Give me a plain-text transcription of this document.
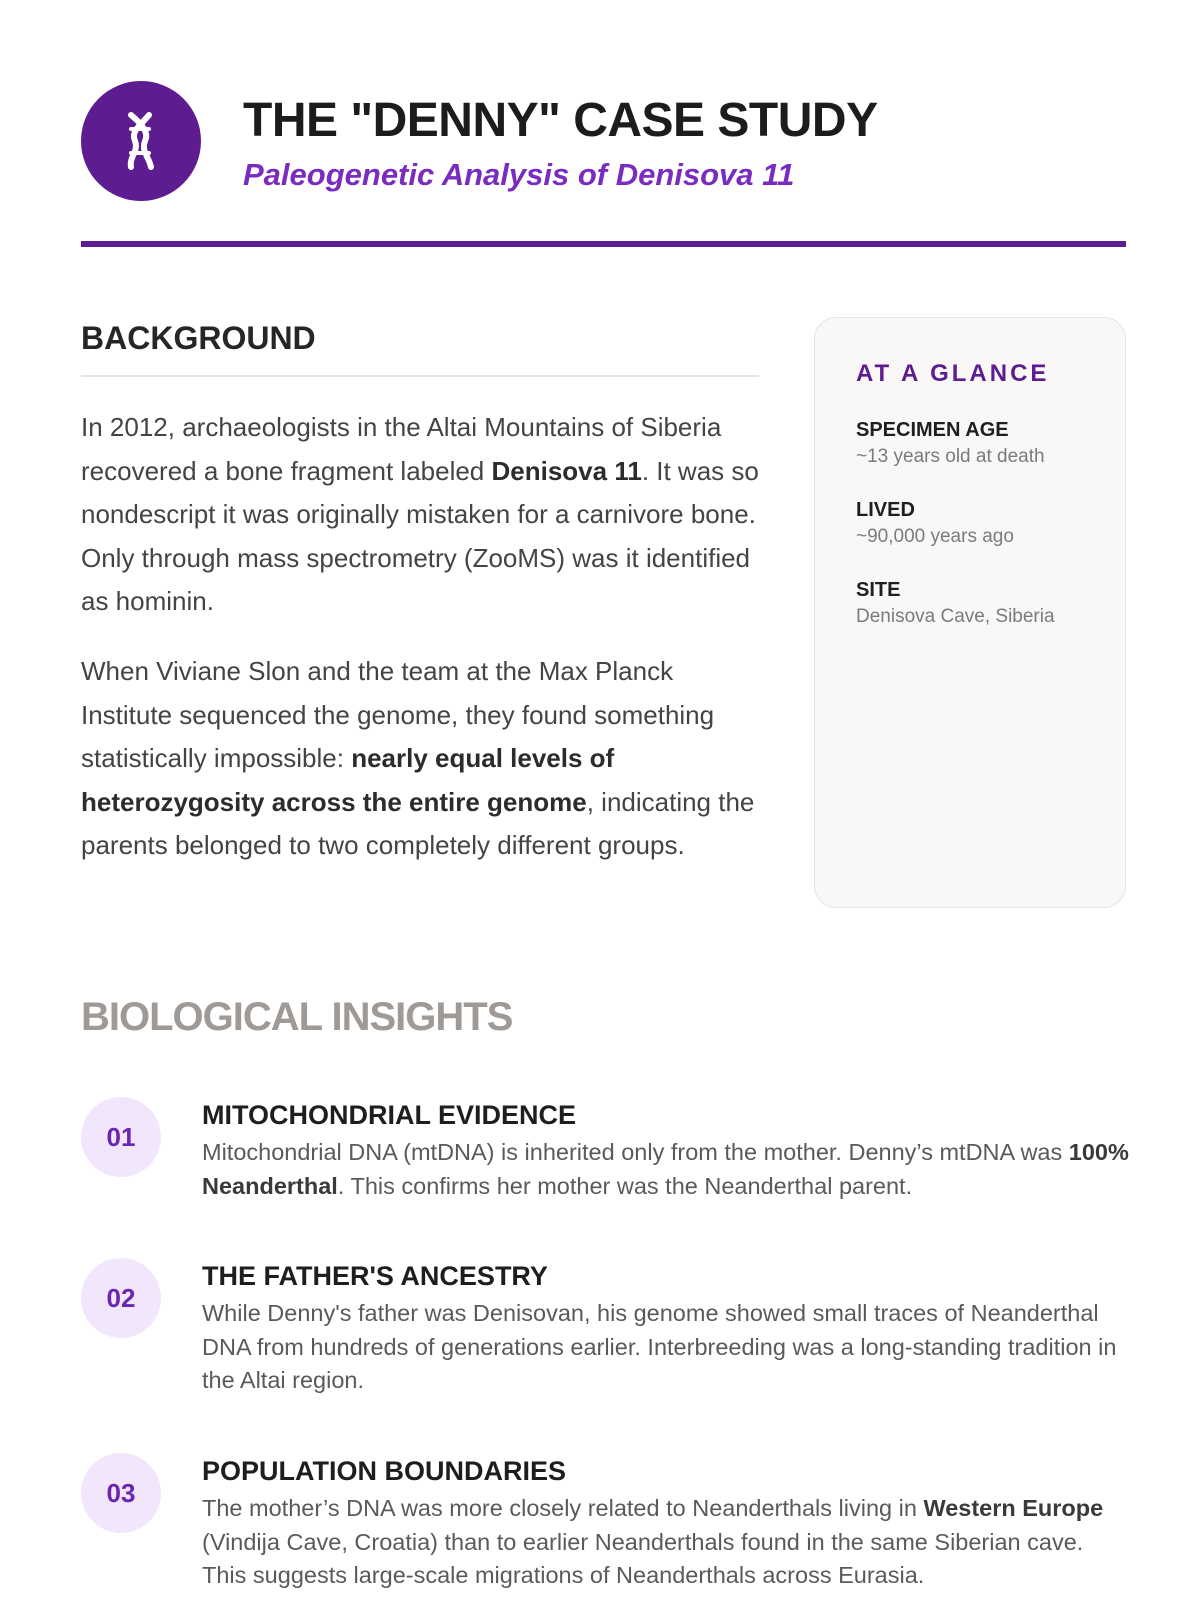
THE "DENNY" CASE STUDY
Paleogenetic Analysis of Denisova 11
BACKGROUND

In 2012, archaeologists in the Altai Mountains of Siberia recovered a bone fragment labeled Denisova 11. It was so nondescript it was originally mistaken for a carnivore bone. Only through mass spectrometry (ZooMS) was it identified as hominin.

When Viviane Slon and the team at the Max Planck Institute sequenced the genome, they found something statistically impossible: nearly equal levels of heterozygosity across the entire genome, indicating the parents belonged to two completely different groups.

AT A GLANCE
SPECIMEN AGE
~13 years old at death
LIVED
~90,000 years ago
SITE
Denisova Cave, Siberia
BIOLOGICAL INSIGHTS
01
MITOCHONDRIAL EVIDENCE

Mitochondrial DNA (mtDNA) is inherited only from the mother. Denny’s mtDNA was 100% Neanderthal. This confirms her mother was the Neanderthal parent.

02
THE FATHER'S ANCESTRY

While Denny's father was Denisovan, his genome showed small traces of Neanderthal DNA from hundreds of generations earlier. Interbreeding was a long-standing tradition in the Altai region.

03
POPULATION BOUNDARIES

The mother’s DNA was more closely related to Neanderthals living in Western Europe (Vindija Cave, Croatia) than to earlier Neanderthals found in the same Siberian cave. This suggests large-scale migrations of Neanderthals across Eurasia.
